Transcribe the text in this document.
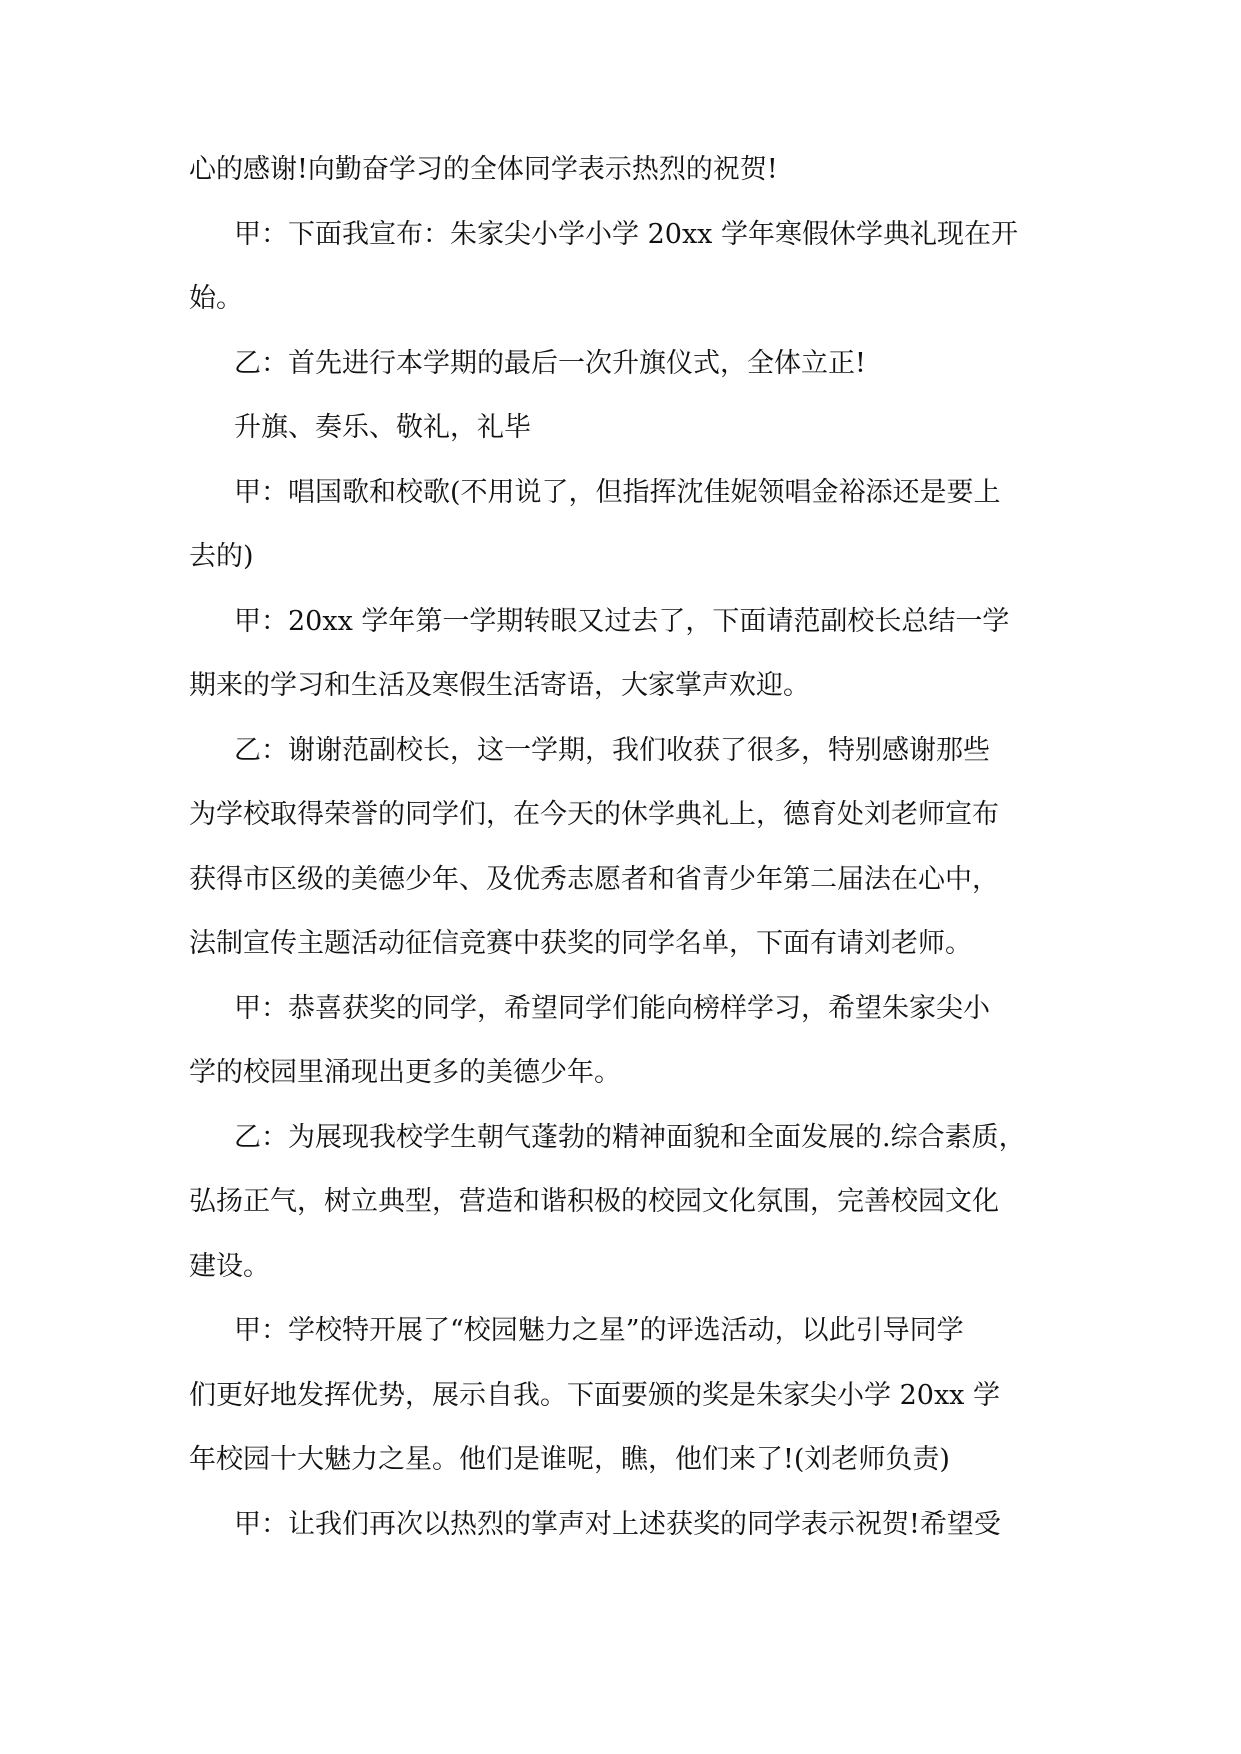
心的感谢!向勤奋学习的全体同学表示热烈的祝贺!
甲：下面我宣布：朱家尖小学小学 20xx 学年寒假休学典礼现在开
始。
乙：首先进行本学期的最后一次升旗仪式，全体立正!
升旗、奏乐、敬礼，礼毕
甲：唱国歌和校歌(不用说了，但指挥沈佳妮领唱金裕添还是要上
去的)
甲：20xx 学年第一学期转眼又过去了，下面请范副校长总结一学
期来的学习和生活及寒假生活寄语，大家掌声欢迎。
乙：谢谢范副校长，这一学期，我们收获了很多，特别感谢那些
为学校取得荣誉的同学们，在今天的休学典礼上，德育处刘老师宣布
获得市区级的美德少年、及优秀志愿者和省青少年第二届法在心中，
法制宣传主题活动征信竞赛中获奖的同学名单，下面有请刘老师。
甲：恭喜获奖的同学，希望同学们能向榜样学习，希望朱家尖小
学的校园里涌现出更多的美德少年。
乙：为展现我校学生朝气蓬勃的精神面貌和全面发展的.综合素质，
弘扬正气，树立典型，营造和谐积极的校园文化氛围，完善校园文化
建设。
甲：学校特开展了“校园魅力之星”的评选活动，以此引导同学
们更好地发挥优势，展示自我。下面要颁的奖是朱家尖小学 20xx 学
年校园十大魅力之星。他们是谁呢，瞧，他们来了!(刘老师负责)
甲：让我们再次以热烈的掌声对上述获奖的同学表示祝贺!希望受
